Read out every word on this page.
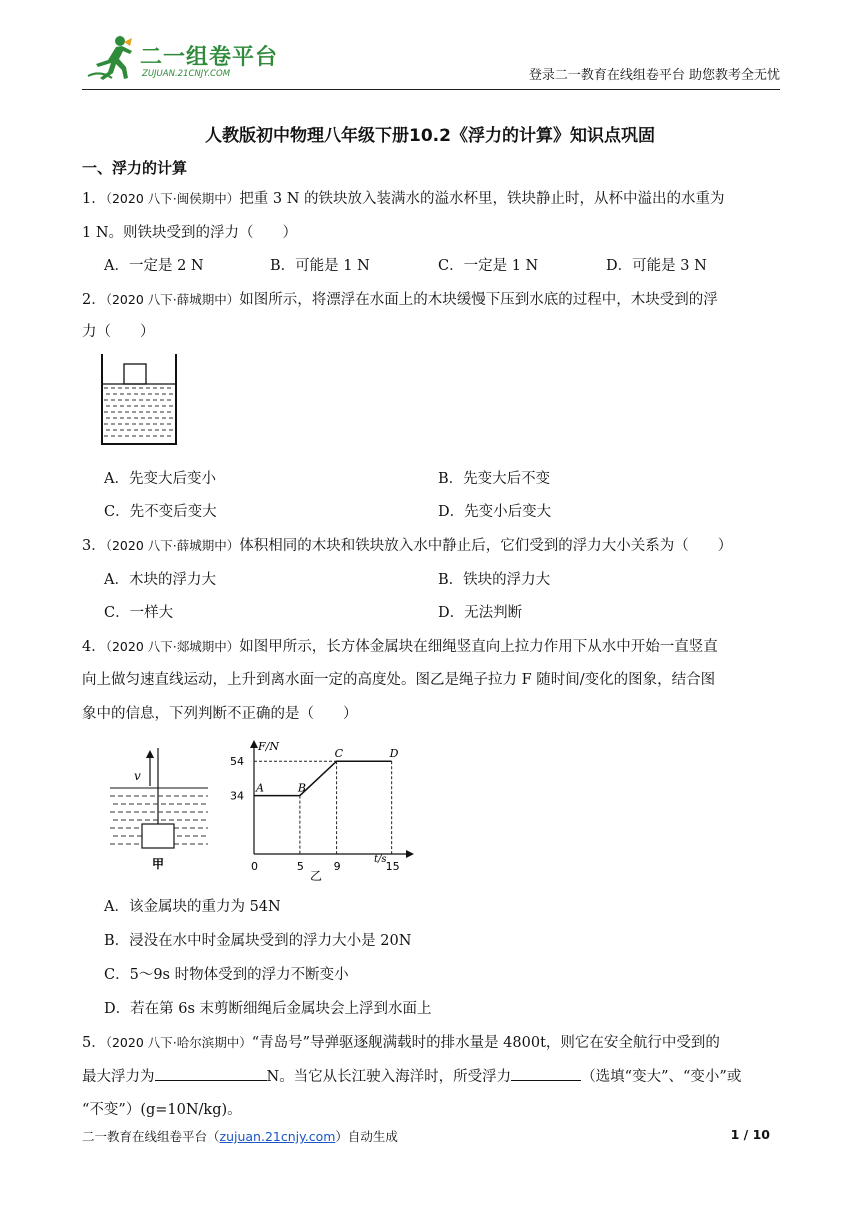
二一组卷平台
ZUJUAN.21CNJY.COM	登录二一教育在线组卷平台 助您教考全无忧
人教版初中物理八年级下册10.2《浮力的计算》知识点巩固
一、浮力的计算
1．（2020 八下·闽侯期中）把重 3 N 的铁块放入装满水的溢水杯里，铁块静止时，从杯中溢出的水重为
1 N。则铁块受到的浮力（　　）
A．一定是 2 N	B．可能是 1 N	C．一定是 1 N	D．可能是 3 N
2．（2020 八下·薛城期中）如图所示，将漂浮在水面上的木块缓慢下压到水底的过程中，木块受到的浮
力（　　）
A．先变大后变小	B．先变大后不变
C．先不变后变大	D．先变小后变大
3．（2020 八下·薛城期中）体积相同的木块和铁块放入水中静止后，它们受到的浮力大小关系为（　　）
A．木块的浮力大	B．铁块的浮力大
C．一样大	D．无法判断
4．（2020 八下·郯城期中）如图甲所示，长方体金属块在细绳竖直向上拉力作用下从水中开始一直竖直
向上做匀速直线运动，上升到离水面一定的高度处。图乙是绳子拉力 F 随时间/变化的图象，结合图
象中的信息，下列判断不正确的是（　　）
v
甲
F/N
t/s
A	B
C	D
0	5	9	15
34
54
乙
A．该金属块的重力为 54N
B．浸没在水中时金属块受到的浮力大小是 20N
C．5～9s 时物体受到的浮力不断变小
D．若在第 6s 末剪断细绳后金属块会上浮到水面上
5．（2020 八下·哈尔滨期中）“青岛号”导弹驱逐舰满载时的排水量是 4800t，则它在安全航行中受到的
最大浮力为	N。当它从长江驶入海洋时，所受浮力	（选填“变大”、“变小”或
“不变”）(g=10N/kg)。
二一教育在线组卷平台（zujuan.21cnjy.com）自动生成	1 / 10
